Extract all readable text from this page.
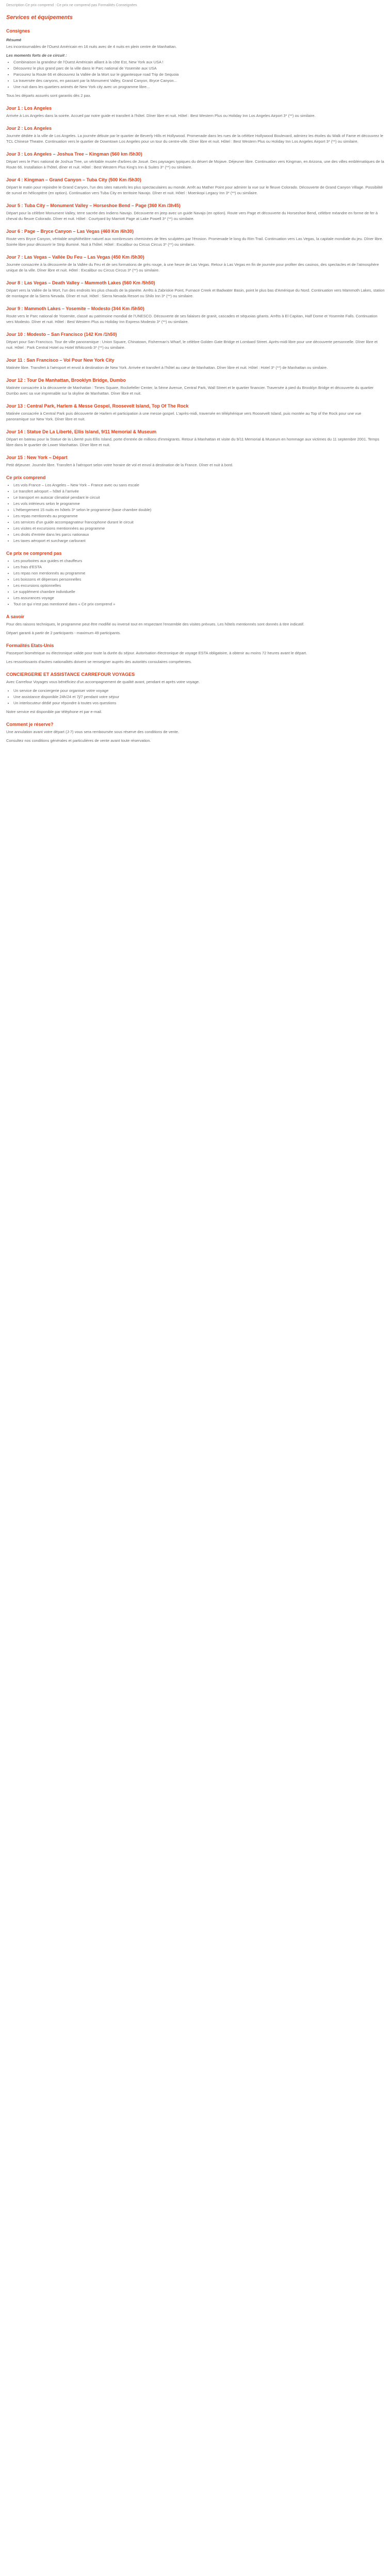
Description Ce prix comprend : Ce prix ne comprend pas Formalités Conseignées
Services et équipements
Consignes
Résumé

Les incontournables de l'Ouest Américain en 16 nuits avec de 4 nuits en plein centre de Manhattan.

Les moments forts de ce circuit :
• Combinaison la grandeur de l'Ouest Américain alliant à la côte Est, New York aux USA !
• Découvrez le plus grand parc de la ville dans le Parc national de Yosemite aux USA
• Parcourez la Route 66 et découvrez la Vallée de la Mort sur le gigantesque road Trip de Sequoia
• La traversée des canyons, en passant par la Monument Valley, Grand Canyon, Bryce Canyon...
• Une nuit dans les quartiers animés de New York city avec un programme libre...

Tous les départs assurés sont garantis dès 2 pax.

Jour 1 : Los Angeles

Arrivée à Los Angeles dans la soirée. Accueil par notre guide et transfert à l'hôtel. Dîner libre et nuit. Hôtel : Best Western Plus ou Holiday Inn Los Angeles Airport 3* (**) ou similaire.

Jour 2 : Los Angeles

Journée dédiée à la ville de Los Angeles. La journée débute par le quartier de Beverly Hills et Hollywood. Promenade dans les rues de la célèbre Hollywood Boulevard, admirez les étoiles du Walk of Fame et découvrez le TCL Chinese Theatre. Continuation vers le quartier de Downtown Los Angeles pour un tour du centre-ville. Dîner libre et nuit. Hôtel : Best Western Plus ou Holiday Inn Los Angeles Airport 3* (**) ou similaire.

Jour 3 : Los Angeles – Joshua Tree – Kingman (560 km /5h30)

Départ vers le Parc national de Joshua Tree, un véritable musée d'arbres de Josué. Des paysages typiques du désert de Mojave. Déjeuner libre. Continuation vers Kingman, en Arizona, une des villes emblématiques de la Route 66. Installation à l'hôtel, dîner et nuit. Hôtel : Best Western Plus King's Inn & Suites 3* (**) ou similaire.

Jour 4 : Kingman – Grand Canyon – Tuba City (500 Km /5h30)

Départ le matin pour rejoindre le Grand Canyon, l'un des sites naturels les plus spectaculaires au monde. Arrêt au Mather Point pour admirer la vue sur le fleuve Colorado. Découverte de Grand Canyon Village. Possibilité de survol en hélicoptère (en option). Continuation vers Tuba City en territoire Navajo. Dîner et nuit. Hôtel : Moenkopi Legacy Inn 3* (**) ou similaire.

Jour 5 : Tuba City – Monument Valley – Horseshoe Bend – Page (360 Km /3h45)

Départ pour la célèbre Monument Valley, terre sacrée des Indiens Navajo. Découverte en jeep avec un guide Navajo (en option). Route vers Page et découverte du Horseshoe Bend, célèbre méandre en forme de fer à cheval du fleuve Colorado. Dîner et nuit. Hôtel : Courtyard by Marriott Page at Lake Powell 3* (**) ou similaire.

Jour 6 : Page – Bryce Canyon – Las Vegas (460 Km /6h30)

Route vers Bryce Canyon, véritable amphithéâtre naturel aux nombreuses cheminées de fées sculptées par l'érosion. Promenade le long du Rim Trail. Continuation vers Las Vegas, la capitale mondiale du jeu. Dîner libre. Soirée libre pour découvrir le Strip illuminé. Nuit à l'hôtel. Hôtel : Excalibur ou Circus Circus 3* (**) ou similaire.

Jour 7 : Las Vegas – Vallée Du Feu – Las Vegas (450 Km /5h30)

Journée consacrée à la découverte de la Vallée du Feu et de ses formations de grès rouge, à une heure de Las Vegas. Retour à Las Vegas en fin de journée pour profiter des casinos, des spectacles et de l'atmosphère unique de la ville. Dîner libre et nuit. Hôtel : Excalibur ou Circus Circus 3* (**) ou similaire.

Jour 8 : Las Vegas – Death Valley – Mammoth Lakes (560 Km /5h50)

Départ vers la Vallée de la Mort, l'un des endroits les plus chauds de la planète. Arrêts à Zabriskie Point, Furnace Creek et Badwater Basin, point le plus bas d'Amérique du Nord. Continuation vers Mammoth Lakes, station de montagne de la Sierra Nevada. Dîner et nuit. Hôtel : Sierra Nevada Resort ou Shilo Inn 3* (**) ou similaire.

Jour 9 : Mammoth Lakes – Yosemite – Modesto (344 Km /5h50)

Route vers le Parc national de Yosemite, classé au patrimoine mondial de l'UNESCO. Découverte de ses falaises de granit, cascades et séquoias géants. Arrêts à El Capitan, Half Dome et Yosemite Falls. Continuation vers Modesto. Dîner et nuit. Hôtel : Best Western Plus ou Holiday Inn Express Modesto 3* (**) ou similaire.

Jour 10 : Modesto – San Francisco (142 Km /1h50)

Départ pour San Francisco. Tour de ville panoramique : Union Square, Chinatown, Fisherman's Wharf, le célèbre Golden Gate Bridge et Lombard Street. Après-midi libre pour une découverte personnelle. Dîner libre et nuit. Hôtel : Park Central Hotel ou Hotel Whitcomb 3* (**) ou similaire.

Jour 11 : San Francisco – Vol Pour New York City

Matinée libre. Transfert à l'aéroport et envol à destination de New York. Arrivée et transfert à l'hôtel au cœur de Manhattan. Dîner libre et nuit. Hôtel : Hotel 3* (**) de Manhattan ou similaire.

Jour 12 : Tour De Manhattan, Brooklyn Bridge, Dumbo

Matinée consacrée à la découverte de Manhattan : Times Square, Rockefeller Center, la 5ème Avenue, Central Park, Wall Street et le quartier financier. Traversée à pied du Brooklyn Bridge et découverte du quartier Dumbo avec sa vue imprenable sur la skyline de Manhattan. Dîner libre et nuit.

Jour 13 : Central Park, Harlem & Messe Gospel, Roosevelt Island, Top Of The Rock

Matinée consacrée à Central Park puis découverte de Harlem et participation à une messe gospel. L'après-midi, traversée en téléphérique vers Roosevelt Island, puis montée au Top of the Rock pour une vue panoramique sur New York. Dîner libre et nuit.

Jour 14 : Statue De La Liberté, Ellis Island, 9/11 Memorial & Museum

Départ en bateau pour la Statue de la Liberté puis Ellis Island, porte d'entrée de millions d'immigrants. Retour à Manhattan et visite du 9/11 Memorial & Museum en hommage aux victimes du 11 septembre 2001. Temps libre dans le quartier de Lower Manhattan. Dîner libre et nuit.

Jour 15 : New York – Départ

Petit déjeuner. Journée libre. Transfert à l'aéroport selon votre horaire de vol et envol à destination de la France. Dîner et nuit à bord.

Ce prix comprend
• Les vols France – Los Angeles – New York – France avec ou sans escale
• Le transfert aéroport – hôtel à l'arrivée
• Le transport en autocar climatisé pendant le circuit
• Les vols intérieurs selon le programme
• L'hébergement 15 nuits en hôtels 3* selon le programme (base chambre double)
• Les repas mentionnés au programme
• Les services d'un guide accompagnateur francophone durant le circuit
• Les visites et excursions mentionnées au programme
• Les droits d'entrée dans les parcs nationaux
• Les taxes aéroport et surcharge carburant
Ce prix ne comprend pas
• Les pourboires aux guides et chauffeurs
• Les frais d'ESTA
• Les repas non mentionnés au programme
• Les boissons et dépenses personnelles
• Les excursions optionnelles
• Le supplément chambre individuelle
• Les assurances voyage
• Tout ce qui n'est pas mentionné dans « Ce prix comprend »
A savoir

Pour des raisons techniques, le programme peut être modifié ou inversé tout en respectant l'ensemble des visites prévues. Les hôtels mentionnés sont donnés à titre indicatif.

Départ garanti à partir de 2 participants - maximum 49 participants.

Formalités Etats-Unis

Passeport biométrique ou électronique valide pour toute la durée du séjour. Autorisation électronique de voyage ESTA obligatoire, à obtenir au moins 72 heures avant le départ.

Les ressortissants d'autres nationalités doivent se renseigner auprès des autorités consulaires compétentes.

CONCIERGERIE ET ASSISTANCE CARREFOUR VOYAGES

Avec Carrefour Voyages vous bénéficiez d'un accompagnement de qualité avant, pendant et après votre voyage.

• Un service de conciergerie pour organiser votre voyage
• Une assistance disponible 24h/24 et 7j/7 pendant votre séjour
• Un interlocuteur dédié pour répondre à toutes vos questions

Notre service est disponible par téléphone et par e-mail.

Comment je réserve?

Une annulation avant votre départ (J-7) vous sera remboursée sous réserve des conditions de vente.

Consultez nos conditions générales et particulières de vente avant toute réservation.
